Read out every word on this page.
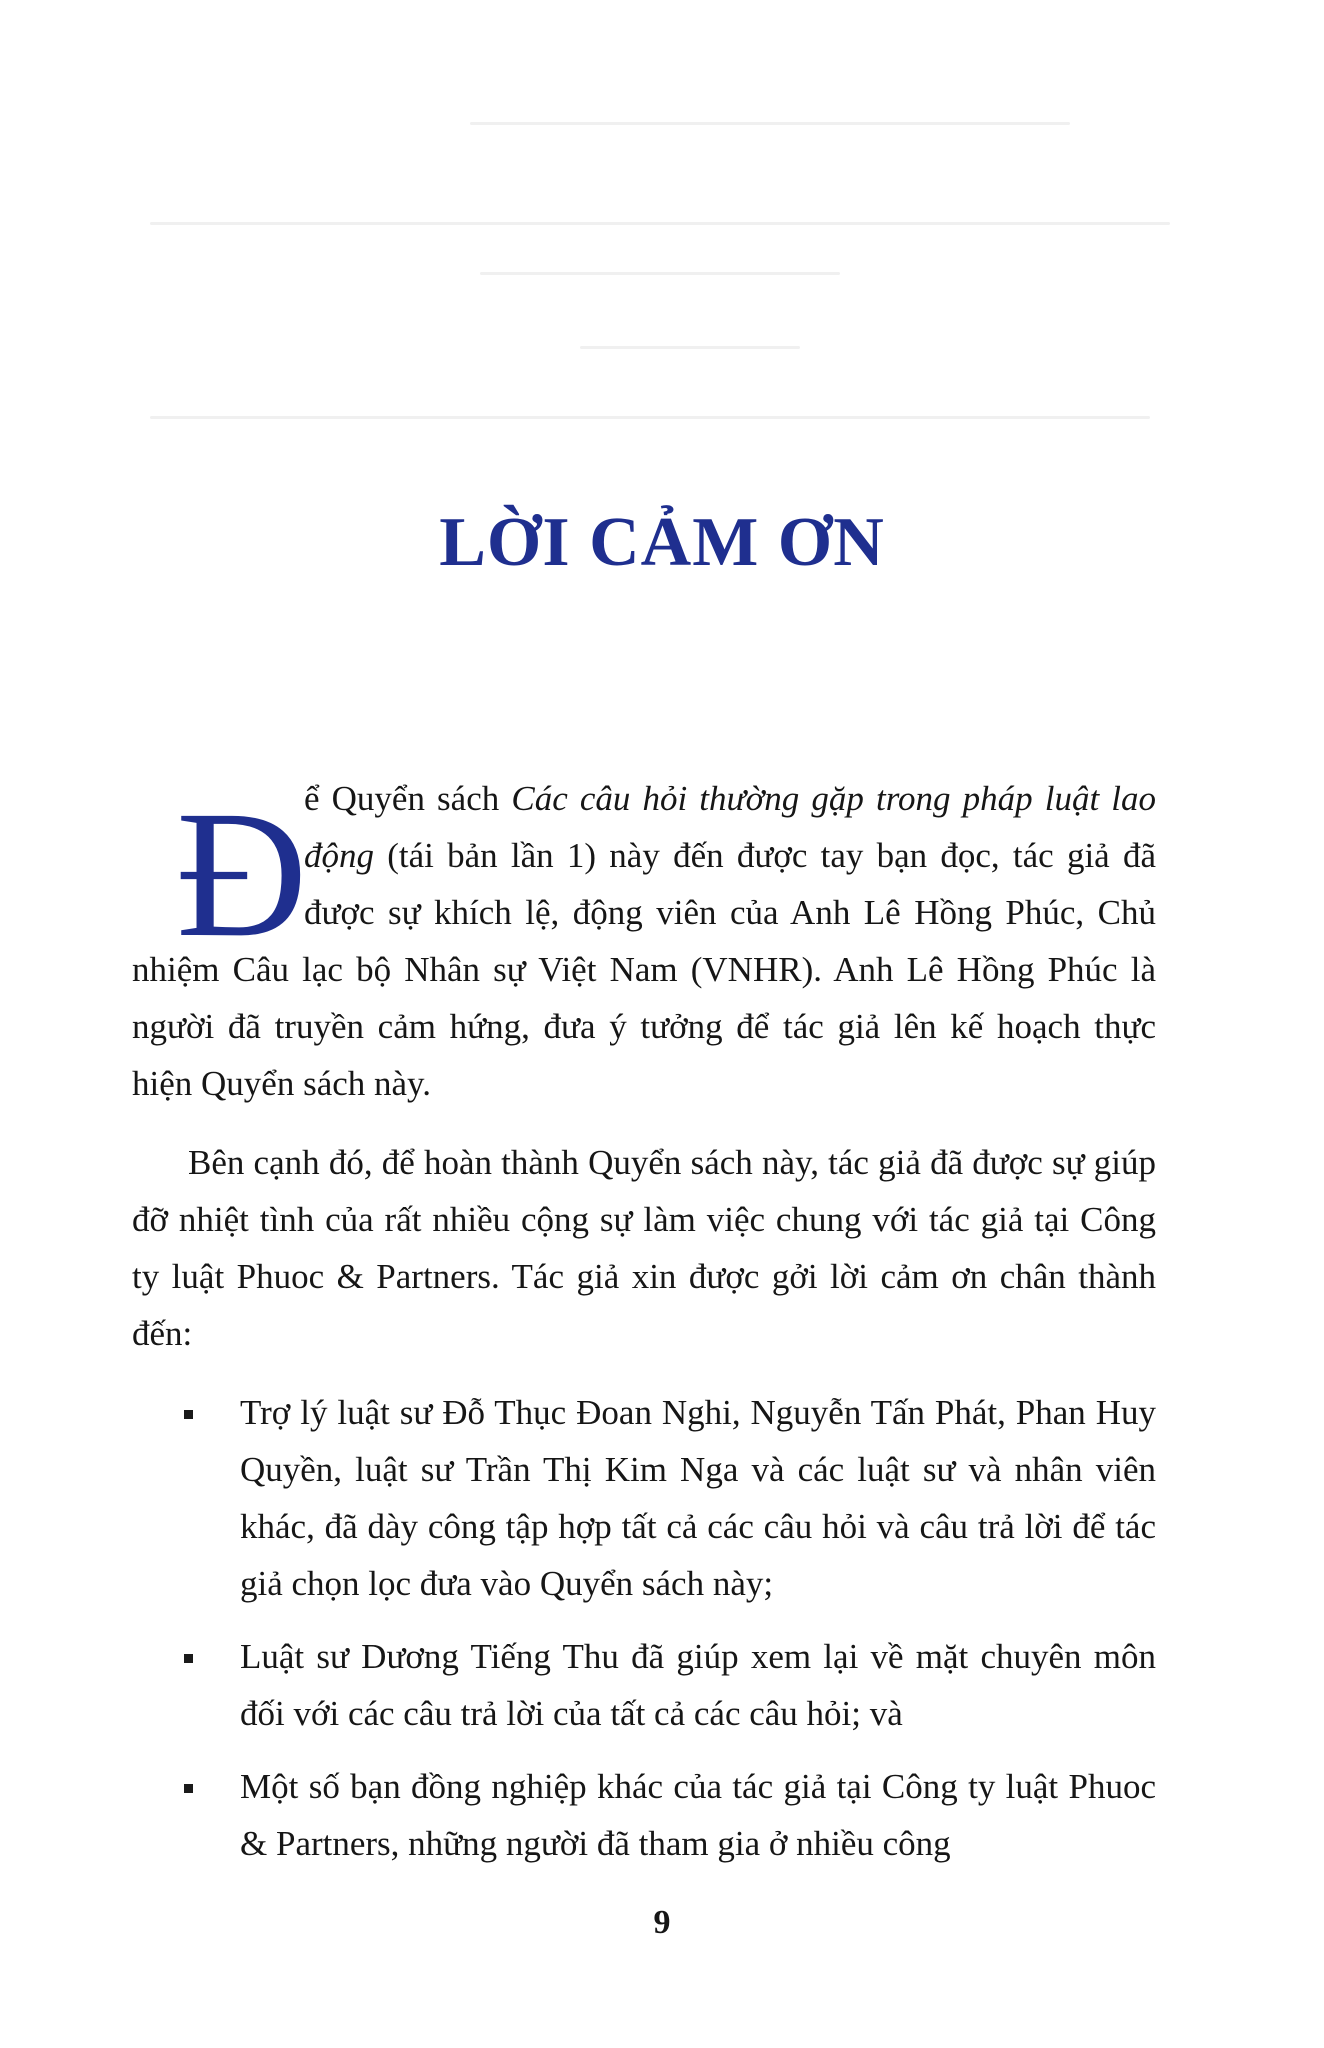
LỜI CẢM ƠN
Đ

ể Quyển sách Các câu hỏi thường gặp trong pháp luật lao động (tái bản lần 1) này đến được tay bạn đọc, tác giả đã được sự khích lệ, động viên của Anh Lê Hồng Phúc, Chủ nhiệm Câu lạc bộ Nhân sự Việt Nam (VNHR). Anh Lê Hồng Phúc là người đã truyền cảm hứng, đưa ý tưởng để tác giả lên kế hoạch thực hiện Quyển sách này.

Bên cạnh đó, để hoàn thành Quyển sách này, tác giả đã được sự giúp đỡ nhiệt tình của rất nhiều cộng sự làm việc chung với tác giả tại Công ty luật Phuoc & Partners. Tác giả xin được gởi lời cảm ơn chân thành đến:

Trợ lý luật sư Đỗ Thục Đoan Nghi, Nguyễn Tấn Phát, Phan Huy Quyền, luật sư Trần Thị Kim Nga và các luật sư và nhân viên khác, đã dày công tập hợp tất cả các câu hỏi và câu trả lời để tác giả chọn lọc đưa vào Quyển sách này;
Luật sư Dương Tiếng Thu đã giúp xem lại về mặt chuyên môn đối với các câu trả lời của tất cả các câu hỏi; và
Một số bạn đồng nghiệp khác của tác giả tại Công ty luật Phuoc & Partners, những người đã tham gia ở nhiều công
9
